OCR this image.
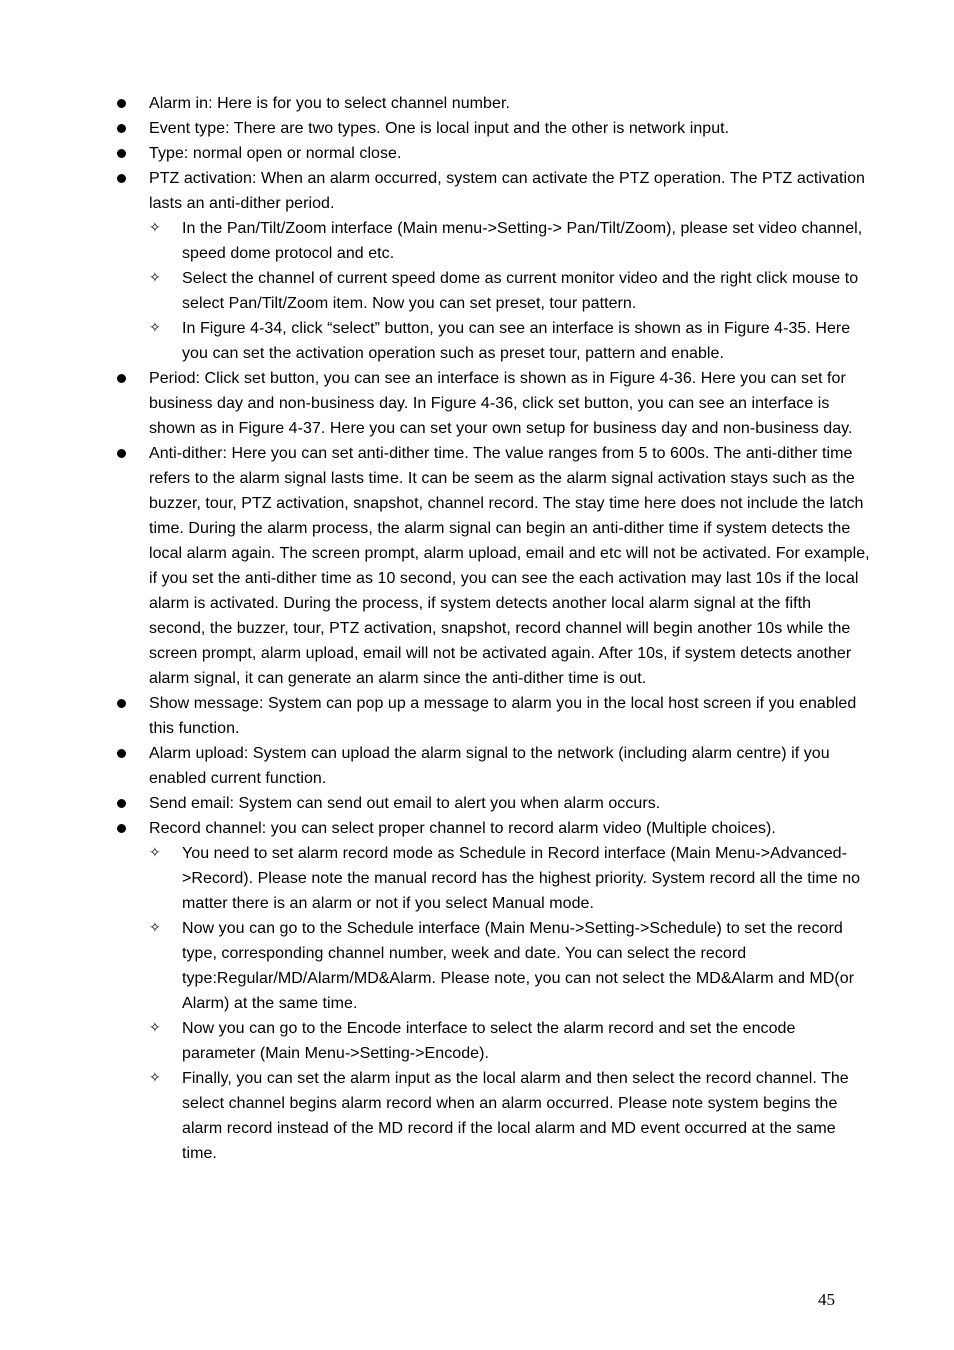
Alarm in: Here is for you to select channel number.
Event type: There are two types. One is local input and the other is network input.
Type: normal open or normal close.
PTZ activation: When an alarm occurred, system can activate the PTZ operation. The PTZ activation lasts an anti-dither period.
✧ In the Pan/Tilt/Zoom interface (Main menu->Setting-> Pan/Tilt/Zoom), please set video channel, speed dome protocol and etc.
✧ Select the channel of current speed dome as current monitor video and the right click mouse to select Pan/Tilt/Zoom item. Now you can set preset, tour pattern.
✧ In Figure 4-34, click “select” button, you can see an interface is shown as in Figure 4-35. Here you can set the activation operation such as preset tour, pattern and enable.
Period: Click set button, you can see an interface is shown as in Figure 4-36. Here you can set for business day and non-business day. In Figure 4-36, click set button, you can see an interface is shown as in Figure 4-37. Here you can set your own setup for business day and non-business day.
Anti-dither: Here you can set anti-dither time. The value ranges from 5 to 600s. The anti-dither time refers to the alarm signal lasts time. It can be seem as the alarm signal activation stays such as the buzzer, tour, PTZ activation, snapshot, channel record. The stay time here does not include the latch time. During the alarm process, the alarm signal can begin an anti-dither time if system detects the local alarm again. The screen prompt, alarm upload, email and etc will not be activated. For example, if you set the anti-dither time as 10 second, you can see the each activation may last 10s if the local alarm is activated. During the process, if system detects another local alarm signal at the fifth second, the buzzer, tour, PTZ activation, snapshot, record channel will begin another 10s while the screen prompt, alarm upload, email will not be activated again. After 10s, if system detects another alarm signal, it can generate an alarm since the anti-dither time is out.
Show message: System can pop up a message to alarm you in the local host screen if you enabled this function.
Alarm upload: System can upload the alarm signal to the network (including alarm centre) if you enabled current function.
Send email: System can send out email to alert you when alarm occurs.
Record channel: you can select proper channel to record alarm video (Multiple choices).
✧ You need to set alarm record mode as Schedule in Record interface (Main Menu->Advanced->Record). Please note the manual record has the highest priority. System record all the time no matter there is an alarm or not if you select Manual mode.
✧ Now you can go to the Schedule interface (Main Menu->Setting->Schedule) to set the record type, corresponding channel number, week and date. You can select the record type:Regular/MD/Alarm/MD&Alarm. Please note, you can not select the MD&Alarm and MD(or Alarm) at the same time.
✧ Now you can go to the Encode interface to select the alarm record and set the encode parameter (Main Menu->Setting->Encode).
✧ Finally, you can set the alarm input as the local alarm and then select the record channel. The select channel begins alarm record when an alarm occurred. Please note system begins the alarm record instead of the MD record if the local alarm and MD event occurred at the same time.
45
